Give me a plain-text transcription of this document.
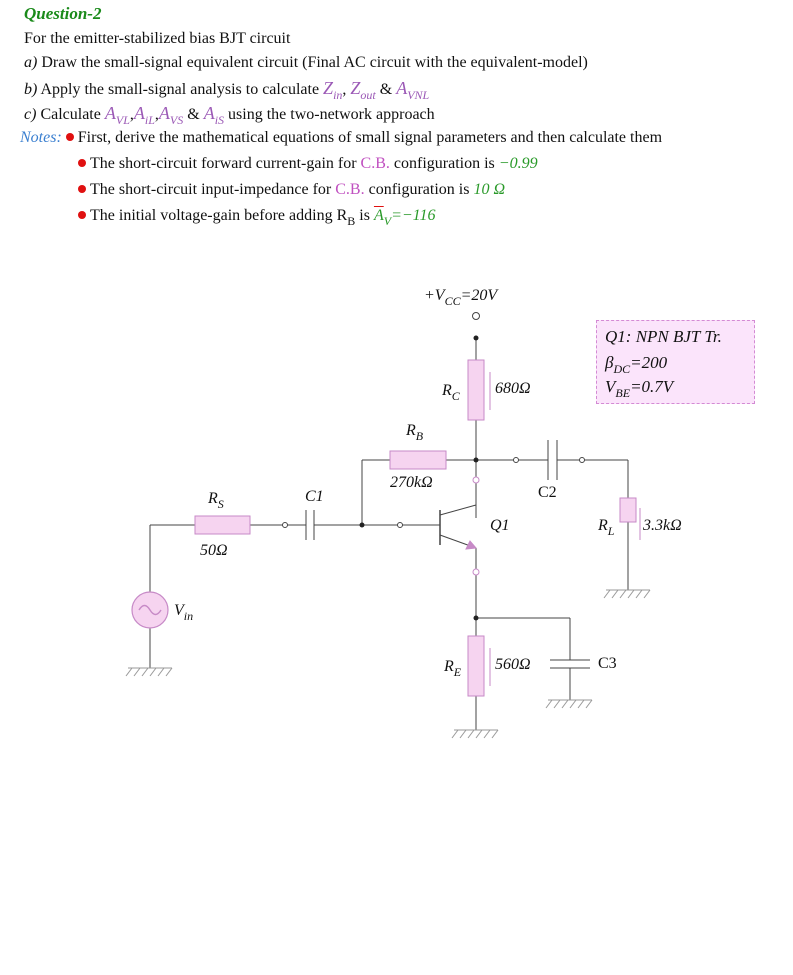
Question-2
For the emitter-stabilized bias BJT circuit
a) Draw the small-signal equivalent circuit (Final AC circuit with the equivalent-model)
b) Apply the small-signal analysis to calculate $Z_{in}$, $Z_{out}$ & $A_{VNL}$
c) Calculate $A_{VL},A_{iL},A_{VS}$ & $A_{iS}$ using the two-network approach
Notes: First, derive the mathematical equations of small signal parameters and then calculate them
The short-circuit forward current-gain for C.B. configuration is −0.99
The short-circuit input-impedance for C.B. configuration is 10 Ω
The initial voltage-gain before adding $R_B$ is $\overline{A}_V=-116$
$+V_{CC}=20V$
$R_C$ 680Ω
$R_B$
270kΩ
$R_S$
50Ω
C1	C2
C3
Q1	$R_L$ 3.3kΩ
$R_E$ 560Ω
$V_{in}$
Q1: NPN BJT Tr.
$\beta_{DC}=200$
$V_{BE}=0.7V$
